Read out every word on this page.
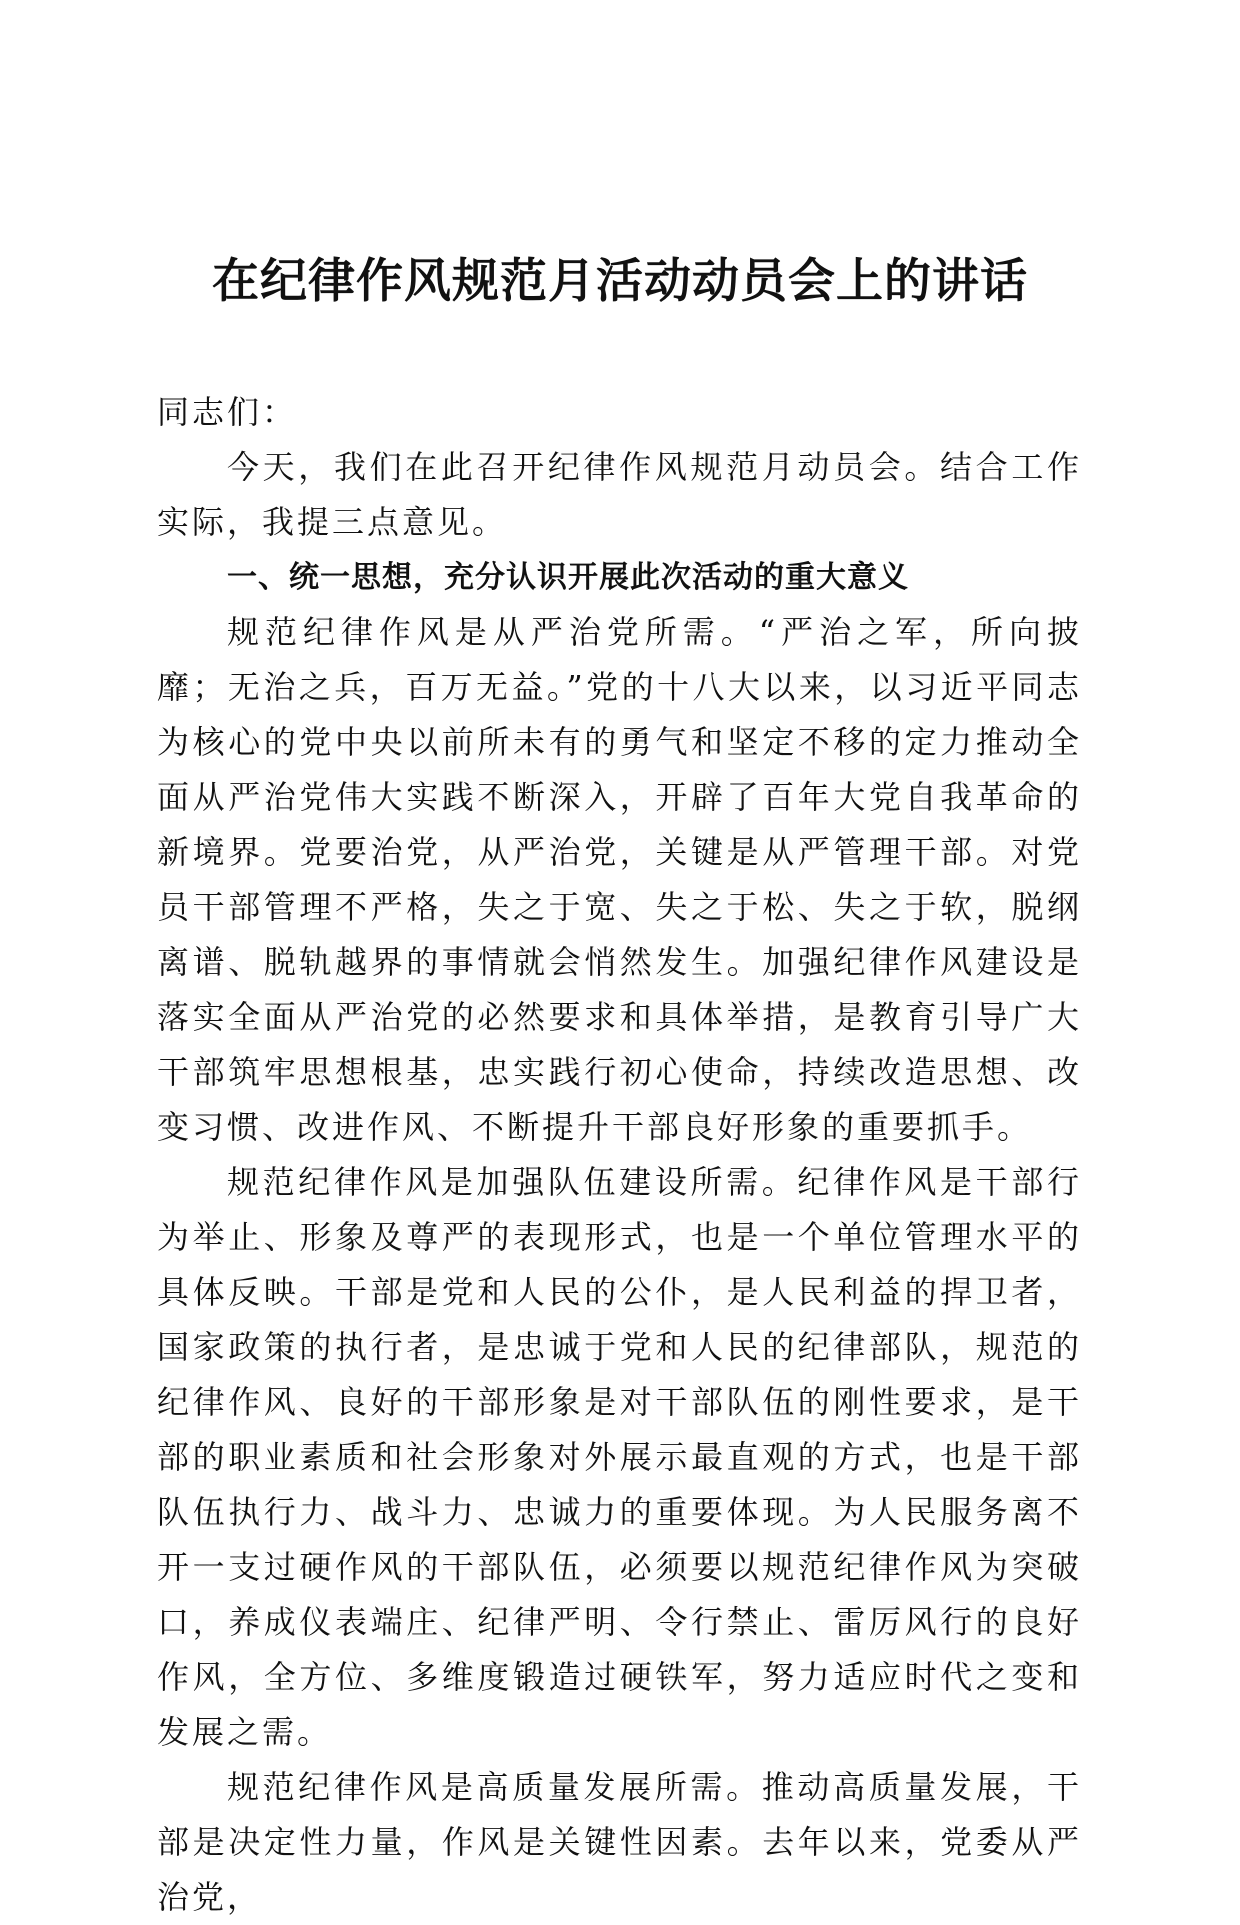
在纪律作风规范月活动动员会上的讲话

同志们：

今天，我们在此召开纪律作风规范月动员会。结合工作实际，我提三点意见。

一、统一思想，充分认识开展此次活动的重大意义

规范纪律作风是从严治党所需。“严治之军，所向披靡；无治之兵，百万无益。”党的十八大以来，以习近平同志为核心的党中央以前所未有的勇气和坚定不移的定力推动全面从严治党伟大实践不断深入，开辟了百年大党自我革命的新境界。党要治党，从严治党，关键是从严管理干部。对党员干部管理不严格，失之于宽、失之于松、失之于软，脱纲离谱、脱轨越界的事情就会悄然发生。加强纪律作风建设是落实全面从严治党的必然要求和具体举措，是教育引导广大干部筑牢思想根基，忠实践行初心使命，持续改造思想、改变习惯、改进作风、不断提升干部良好形象的重要抓手。

规范纪律作风是加强队伍建设所需。纪律作风是干部行为举止、形象及尊严的表现形式，也是一个单位管理水平的具体反映。干部是党和人民的公仆，是人民利益的捍卫者，国家政策的执行者，是忠诚于党和人民的纪律部队，规范的纪律作风、良好的干部形象是对干部队伍的刚性要求，是干部的职业素质和社会形象对外展示最直观的方式，也是干部队伍执行力、战斗力、忠诚力的重要体现。为人民服务离不开一支过硬作风的干部队伍，必须要以规范纪律作风为突破口，养成仪表端庄、纪律严明、令行禁止、雷厉风行的良好作风，全方位、多维度锻造过硬铁军，努力适应时代之变和发展之需。

规范纪律作风是高质量发展所需。推动高质量发展，干部是决定性力量，作风是关键性因素。去年以来，党委从严治党，
